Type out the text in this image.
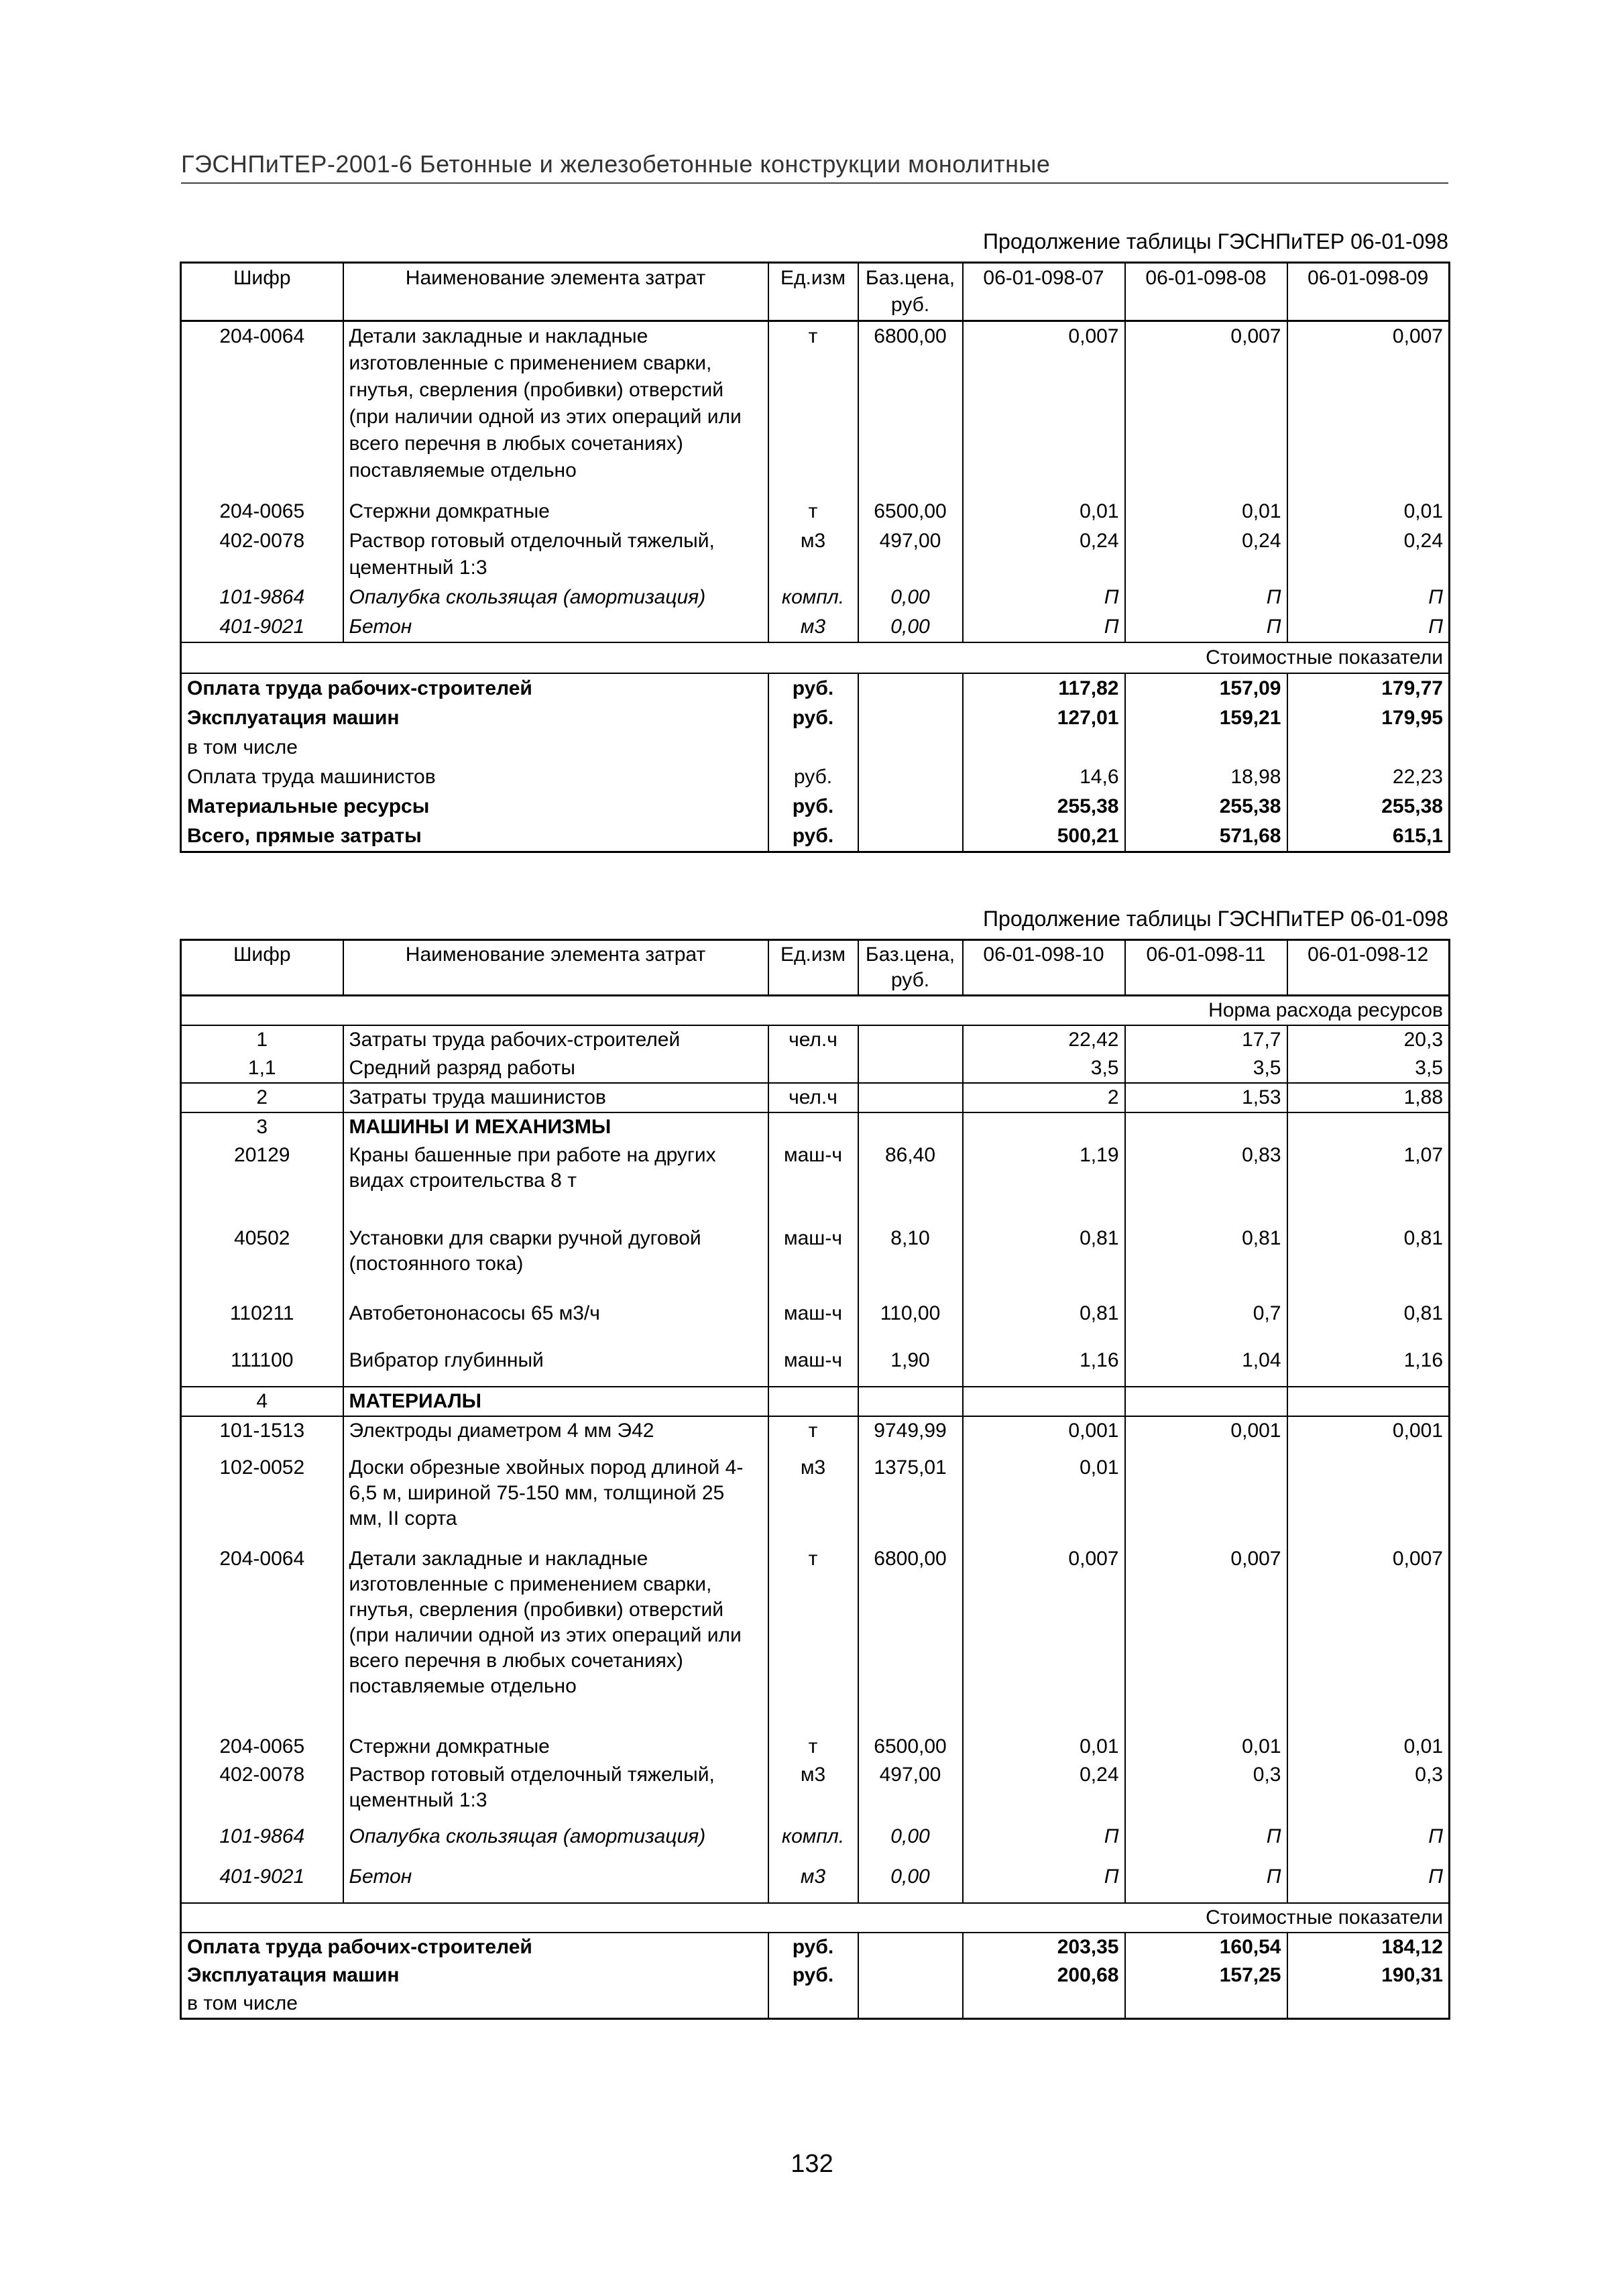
ГЭСНПиТЕР-2001-6 Бетонные и железобетонные конструкции монолитные
Продолжение таблицы ГЭСНПиТЕР 06-01-098
Шифр	Наименование элемента затрат	Ед.изм	Баз.цена, руб.	06-01-098-07	06-01-098-08	06-01-098-09
204-0064	Детали закладные и накладные изготовленные с применением сварки, гнутья, сверления (пробивки) отверстий (при наличии одной из этих операций или всего перечня в любых сочетаниях) поставляемые отдельно	т	6800,00	0,007	0,007	0,007
204-0065	Стержни домкратные	т	6500,00	0,01	0,01	0,01
402-0078	Раствор готовый отделочный тяжелый, цементный 1:3	м3	497,00	0,24	0,24	0,24
101-9864	Опалубка скользящая (амортизация)	компл.	0,00	П	П	П
401-9021	Бетон	м3	0,00	П	П	П
Стоимостные показатели						
Оплата труда рабочих-строителей		руб.		117,82	157,09	179,77
Эксплуатация машин		руб.		127,01	159,21	179,95
в том числе						
Оплата труда машинистов		руб.		14,6	18,98	22,23
Материальные ресурсы		руб.		255,38	255,38	255,38
Всего, прямые затраты		руб.		500,21	571,68	615,1
Продолжение таблицы ГЭСНПиТЕР 06-01-098
Шифр	Наименование элемента затрат	Ед.изм	Баз.цена, руб.	06-01-098-10	06-01-098-11	06-01-098-12
Норма расхода ресурсов						
1	Затраты труда рабочих-строителей	чел.ч		22,42	17,7	20,3
1,1	Средний разряд работы			3,5	3,5	3,5
2	Затраты труда машинистов	чел.ч		2	1,53	1,88
3	МАШИНЫ И МЕХАНИЗМЫ					
20129	Краны башенные при работе на других видах строительства 8 т	маш-ч	86,40	1,19	0,83	1,07
40502	Установки для сварки ручной дуговой (постоянного тока)	маш-ч	8,10	0,81	0,81	0,81
110211	Автобетононасосы 65 м3/ч	маш-ч	110,00	0,81	0,7	0,81
111100	Вибратор глубинный	маш-ч	1,90	1,16	1,04	1,16
4	МАТЕРИАЛЫ					
101-1513	Электроды диаметром 4 мм Э42	т	9749,99	0,001	0,001	0,001
102-0052	Доски обрезные хвойных пород длиной 4-6,5 м, шириной 75-150 мм, толщиной 25 мм, II сорта	м3	1375,01	0,01		
204-0064	Детали закладные и накладные изготовленные с применением сварки, гнутья, сверления (пробивки) отверстий (при наличии одной из этих операций или всего перечня в любых сочетаниях) поставляемые отдельно	т	6800,00	0,007	0,007	0,007
204-0065	Стержни домкратные	т	6500,00	0,01	0,01	0,01
402-0078	Раствор готовый отделочный тяжелый, цементный 1:3	м3	497,00	0,24	0,3	0,3
101-9864	Опалубка скользящая (амортизация)	компл.	0,00	П	П	П
401-9021	Бетон	м3	0,00	П	П	П
Стоимостные показатели						
Оплата труда рабочих-строителей		руб.		203,35	160,54	184,12
Эксплуатация машин		руб.		200,68	157,25	190,31
в том числе						
132
